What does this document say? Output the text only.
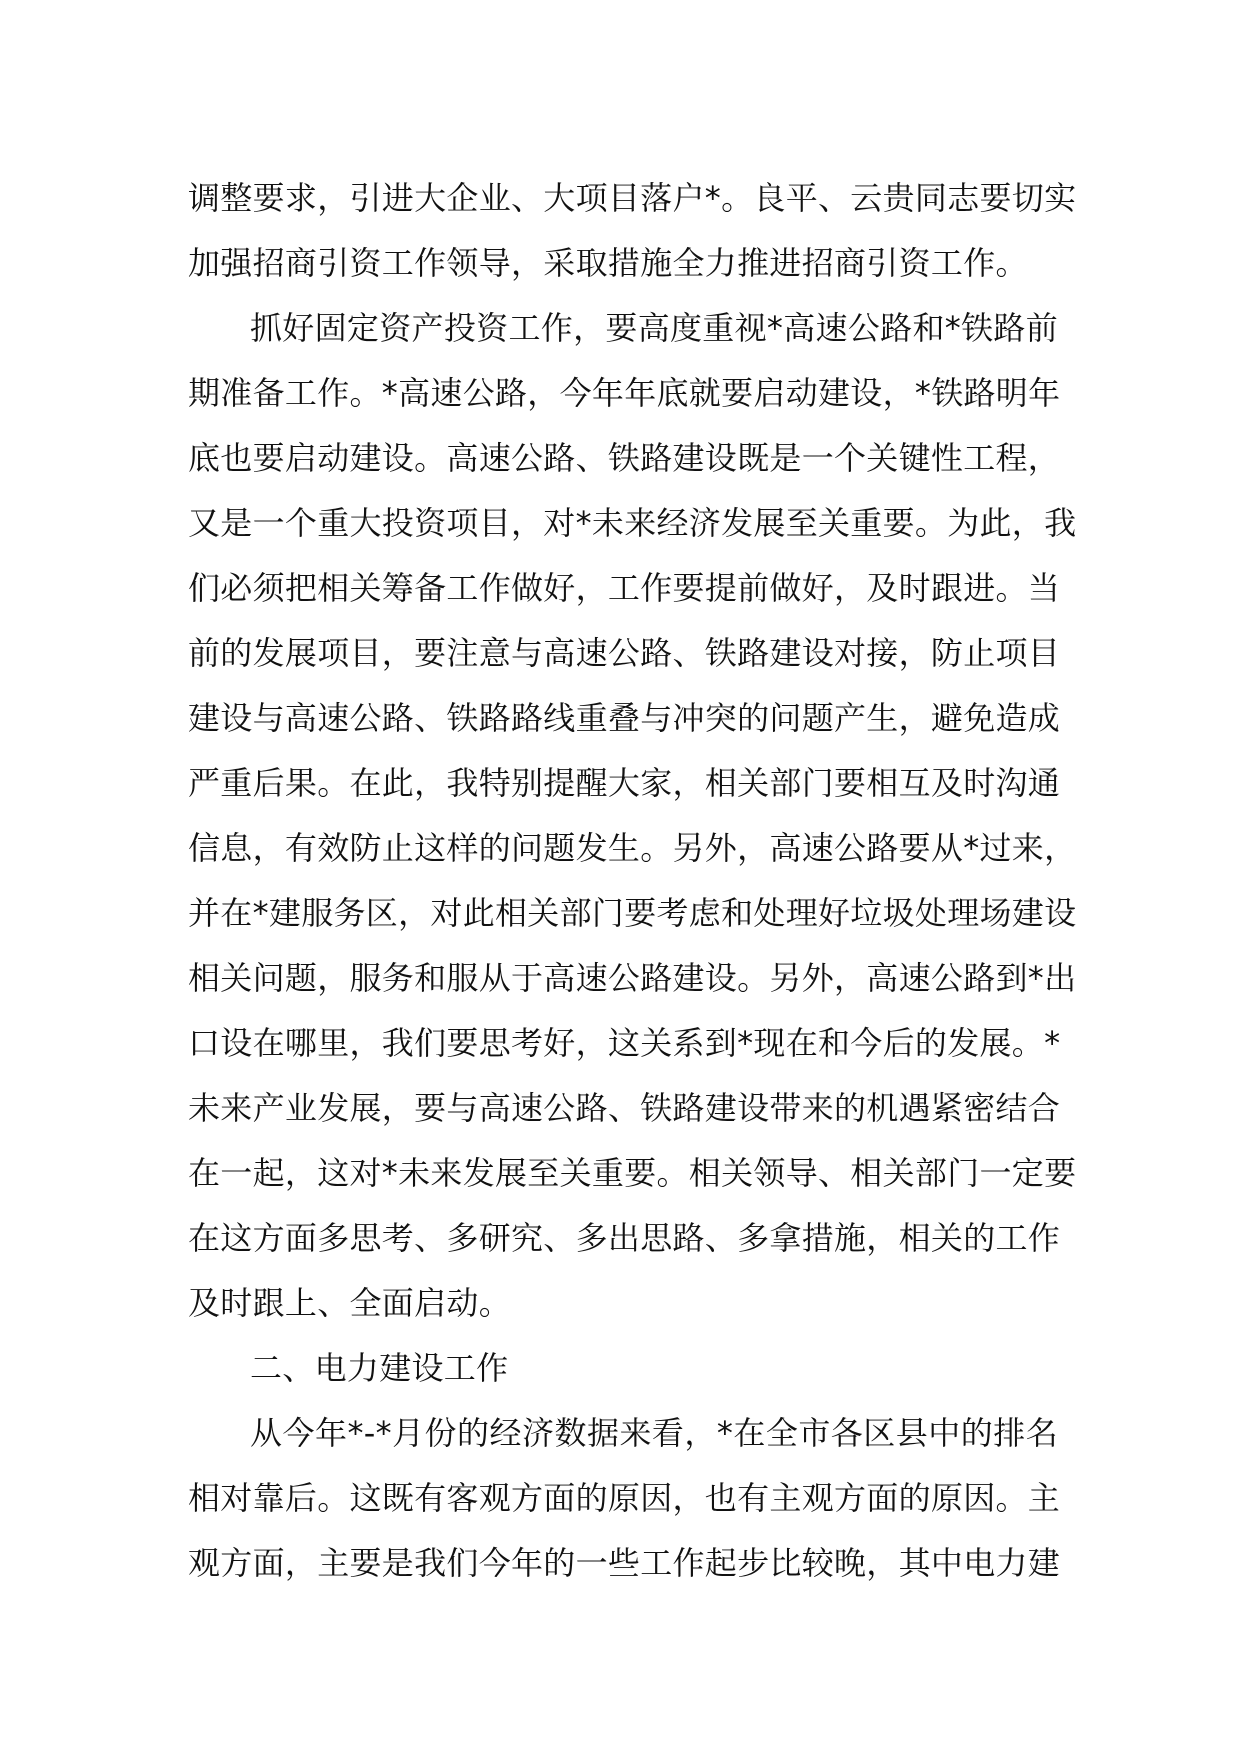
调整要求，引进大企业、大项目落户*。良平、云贵同志要切实
加强招商引资工作领导，采取措施全力推进招商引资工作。
抓好固定资产投资工作，要高度重视*高速公路和*铁路前
期准备工作。*高速公路，今年年底就要启动建设，*铁路明年
底也要启动建设。高速公路、铁路建设既是一个关键性工程，
又是一个重大投资项目，对*未来经济发展至关重要。为此，我
们必须把相关筹备工作做好，工作要提前做好，及时跟进。当
前的发展项目，要注意与高速公路、铁路建设对接，防止项目
建设与高速公路、铁路路线重叠与冲突的问题产生，避免造成
严重后果。在此，我特别提醒大家，相关部门要相互及时沟通
信息，有效防止这样的问题发生。另外，高速公路要从*过来，
并在*建服务区，对此相关部门要考虑和处理好垃圾处理场建设
相关问题，服务和服从于高速公路建设。另外，高速公路到*出
口设在哪里，我们要思考好，这关系到*现在和今后的发展。*
未来产业发展，要与高速公路、铁路建设带来的机遇紧密结合
在一起，这对*未来发展至关重要。相关领导、相关部门一定要
在这方面多思考、多研究、多出思路、多拿措施，相关的工作
及时跟上、全面启动。
二、电力建设工作
从今年*-*月份的经济数据来看，*在全市各区县中的排名
相对靠后。这既有客观方面的原因，也有主观方面的原因。主
观方面，主要是我们今年的一些工作起步比较晚，其中电力建
